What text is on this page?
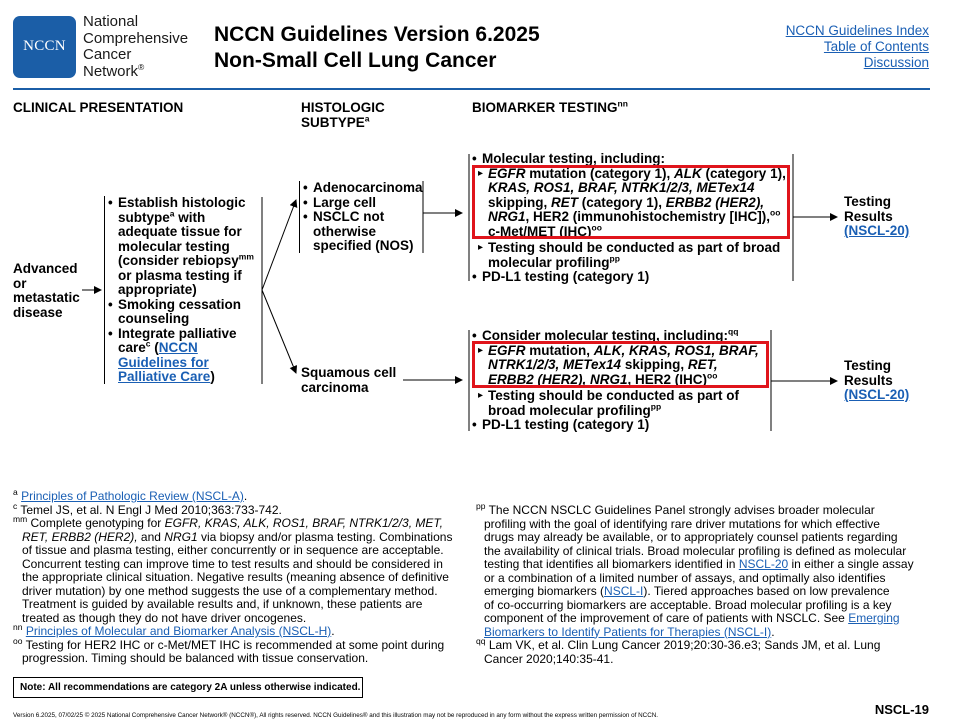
NCCN
National
Comprehensive
Cancer
Network®
NCCN Guidelines Version 6.2025
Non-Small Cell Lung Cancer
NCCN Guidelines Index
Table of Contents
Discussion
CLINICAL PRESENTATION	HISTOLOGIC
SUBTYPE$^a$
BIOMARKER $TESTING^{nn}$
Advanced
or
metastatic
disease
• Establish histologic
subtype$^a$ with
adequate tissue for
molecular testing
(consider rebiopsy$^{mm}$
or plasma testing if
appropriate)
• Smoking cessation
counseling
• Integrate palliative
care$^c$ (NCCN
Guidelines for
Palliative Care)
• Adenocarcinoma
• Large cell
• NSCLC not
otherwise
specified (NOS)
Squamous cell
carcinoma
• Molecular testing, including:
▸ EGFR mutation (category 1), ALK (category 1),
KRAS, ROS1, BRAF, NTRK1/2/3, METex14
skipping, RET (category 1), ERBB2 (HER2),
NRG1, HER2 (immunohistochemistry [IHC]),$^{oo}$
c-Met/MET (IHC)$^{oo}$
▸ Testing should be conducted as part of broad
molecular profiling$^{pp}$
• PD-L1 testing (category 1)
• Consider molecular testing, including:$^{qq}$
▸ EGFR mutation, ALK, KRAS, ROS1, BRAF,
NTRK1/2/3, METex14 skipping, RET,
ERBB2 (HER2), NRG1, HER2 (IHC)$^{oo}$
▸ Testing should be conducted as part of
broad molecular profiling$^{pp}$
• PD-L1 testing (category 1)
Testing
Results
(NSCL-20)
Testing
Results
(NSCL-20)
$^a$ Principles of Pathologic Review (NSCL-A).
$^c$ Temel JS, et al. N Engl J Med 2010;363:733-742.
$^{mm}$ Complete genotyping for EGFR, KRAS, ALK, ROS1, BRAF, NTRK1/2/3, MET,
RET, ERBB2 (HER2), and NRG1 via biopsy and/or plasma testing. Combinations
of tissue and plasma testing, either concurrently or in sequence are acceptable.
Concurrent testing can improve time to test results and should be considered in
the appropriate clinical situation. Negative results (meaning absence of definitive
driver mutation) by one method suggests the use of a complementary method.
Treatment is guided by available results and, if unknown, these patients are
treated as though they do not have driver oncogenes.
$^{nn}$ Principles of Molecular and Biomarker Analysis (NSCL-H).
$^{oo}$ Testing for HER2 IHC or c-Met/MET IHC is recommended at some point during
progression. Timing should be balanced with tissue conservation.
$^{pp}$ The NCCN NSCLC Guidelines Panel strongly advises broader molecular
profiling with the goal of identifying rare driver mutations for which effective
drugs may already be available, or to appropriately counsel patients regarding
the availability of clinical trials. Broad molecular profiling is defined as molecular
testing that identifies all biomarkers identified in NSCL-20 in either a single assay
or a combination of a limited number of assays, and optimally also identifies
emerging biomarkers (NSCL-I). Tiered approaches based on low prevalence
of co-occurring biomarkers are acceptable. Broad molecular profiling is a key
component of the improvement of care of patients with NSCLC. See Emerging
Biomarkers to Identify Patients for Therapies (NSCL-I).
$^{qq}$ Lam VK, et al. Clin Lung Cancer 2019;20:30-36.e3; Sands JM, et al. Lung
Cancer 2020;140:35-41.
Note: All recommendations are category 2A unless otherwise indicated.
NSCL-19
Version 6.2025, 07/02/25 © 2025 National Comprehensive Cancer Network® (NCCN®), All rights reserved. NCCN Guidelines® and this illustration may not be reproduced in any form without the express written permission of NCCN.
